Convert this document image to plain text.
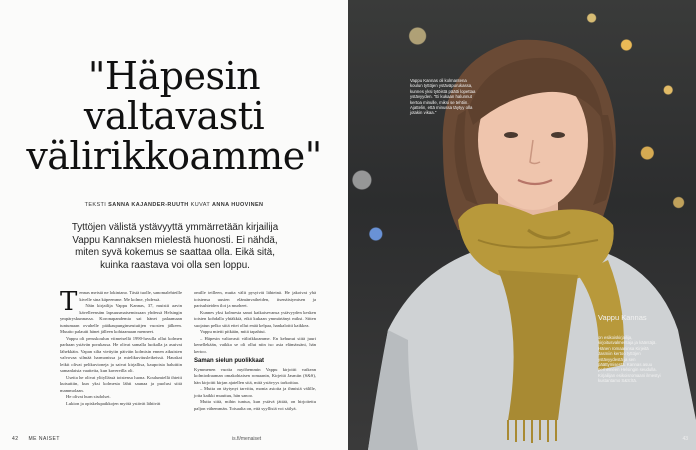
"Häpesin
valtavasti
välirikkoamme"
TEKSTI SANNA KAJANDER-RUUTH KUVAT ANNA HUOVINEN

Tyttöjen välistä ystävyyttä ymmärretään kirjailija Vappu Kannaksen mielestä huonosti. Ei nähdä, miten syvä kokemus se saattaa olla. Eikä sitä, kuinka raastava voi olla sen loppu.

T ennas meistä ne lokintano. Tästä tuolle, sanomalehteille kivelle sina käpeemme. Me kolme, yhdessä.

Näin kirjailija Vappu Kannas, 37, muistii aavin kävelleensäm lapsuusmaisemissaan yhdessä Helsingin ympäryskunnassa. Koronapandemia sai hänet palaamaan tuntumaan ovuhelle pääkaupunginseutuitjen vuosien jälkeen. Muutto palautti hänet jälleen kohtaamaan menneet.

Vappu oli peruskoulun viimeisellä 1990-luvulla ollut kolmen parhaan ystävän porukassa. He olivat samalla luokalla ja asuivat lähekkäin. Vapan silta viettyiin päiväin kolmisin ennen aikuisten valvovaa silmää harmonissa ja mielikuvitusleikeissä. Hauskat leikit olivat pelikuvioneja ja saivat kirjallisa, kaupoista haluttiin samanlaisia vaatteita, kun kavereilla oli.

Useita he olivat ylityllässä toistensa luona. Koulumiellä ihteiti kutsuttiin, kun yksi kolmesta lähti saunaa ja puolusi siitä mammolaan.

He olivat hurn sisdolset.

Lukion ja opiskelupaikkojen myötä ystävät lähtivät

omille teilleen, mutta välit pysyivät lähteinä. He jakoivat yhä toistensa uusien elämänvaiheiden, itsenäistymisen ja parisuhteiden ilot ja murheet.

Kunnes yksi kolmesta sanoi katkaisevansa ystävyyden kesken toisten kohdalla yhtäkkiä, eikä kukaan ymmärtänyt miksi. Sitten suojatun pelko siitä ettei ollut enää kelpaa, hankaloitti kaikkea.

Vappu mietti pitkään, mitä tapahtui.

– Häpesin valtavasti välirikkoamme. En kehunut siitä juuri kenellekään, vaikka se oli ollut niin iso asia elämässäni, hän kertoo.

Saman sielun puolikkaat

Kymmenen vuotta myöhemmin Vappu kirjoitti vaikean kolmiodraaman omakohtaisen romaanin, Kirjeitä Jasmiin (S&S), hän kirjoitti kirjan ajatellen sitä, mitä ystävyys tarkoittaa.

– Mutta on täytynyt tarvittu, monia asioita ja ihmisiä välille, jotta kaikki muuttuu, hän sanoo.

Mutta siitä, mihin tuntua, kun ystävä jättää, on hirjoitettu paljon vähemmän. Toisaalta on, että syyllisiä voi säilyä.

42 ME NAISET	is.fi/menaiset
Vappu Kannas oli kolmantena koulun tyttöjen ystäväporukassa, kunnes yksi tytöistä päätti lopettaa ystävyyden. "Ei kukaan halunnut kertoa minulle, miksi se tehtiin. Ajattelin, että minussa täytyy olla jotakin vikaa."
Vappu Kannas
on esikoiskirjailija, kirjoitusvalmentaja ja kääntäjä. Hänen romaaninsa Kirjeitä Jasmiin kertoo tyttöjen ystävyydestä ja sen päättymisestä. Kannas asuu perheineen Helsingin seudulla. Kirjailijan esikoisromaani ilmestyi kustantamo S&S:ltä.
43
